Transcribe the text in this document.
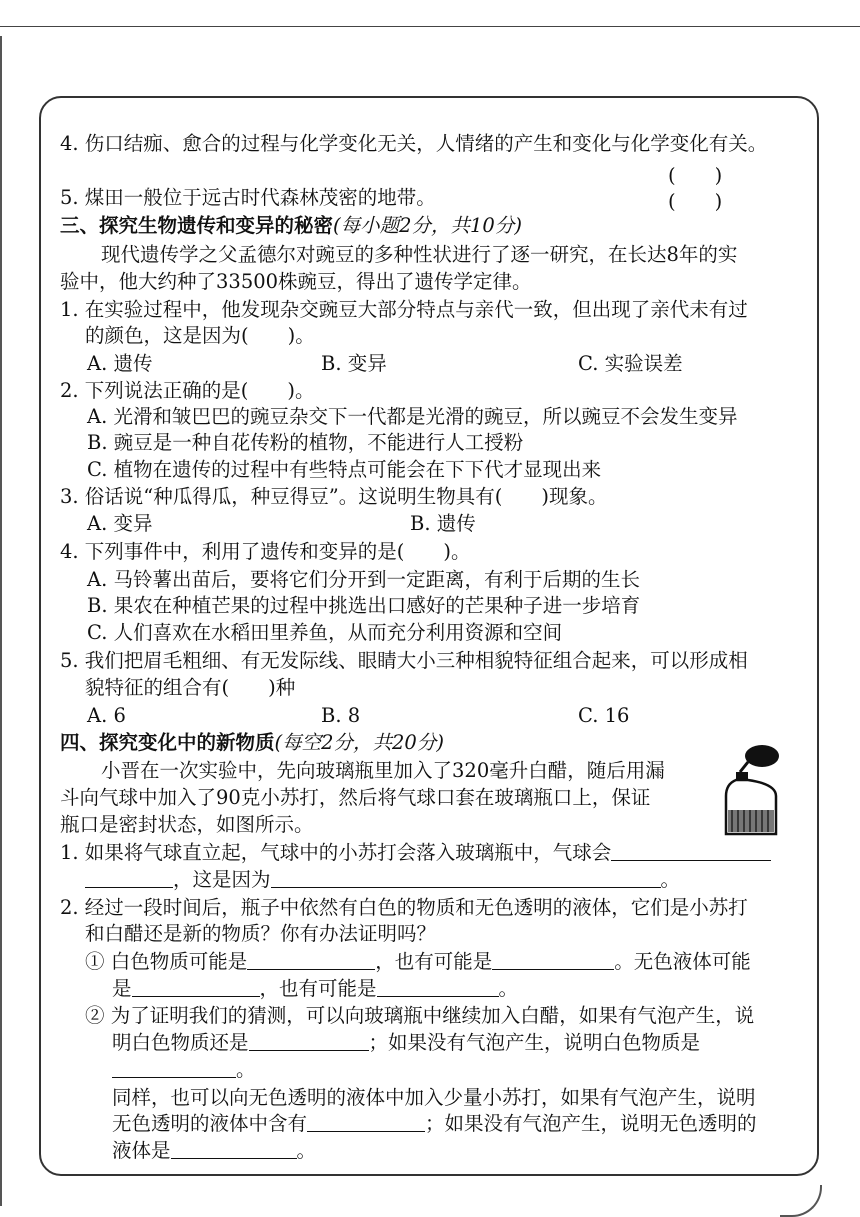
4. 伤口结痂、愈合的过程与化学变化无关，人情绪的产生和变化与化学变化有关。
(　　)
5. 煤田一般位于远古时代森林茂密的地带。	(　　)
三、探究生物遗传和变异的秘密(每小题2分，共10分)
现代遗传学之父孟德尔对豌豆的多种性状进行了逐一研究，在长达8年的实
验中，他大约种了33500株豌豆，得出了遗传学定律。
1. 在实验过程中，他发现杂交豌豆大部分特点与亲代一致，但出现了亲代未有过
的颜色，这是因为(　　)。
A. 遗传	B. 变异	C. 实验误差
2. 下列说法正确的是(　　)。
A. 光滑和皱巴巴的豌豆杂交下一代都是光滑的豌豆，所以豌豆不会发生变异
B. 豌豆是一种自花传粉的植物，不能进行人工授粉
C. 植物在遗传的过程中有些特点可能会在下下代才显现出来
3. 俗话说“种瓜得瓜，种豆得豆”。这说明生物具有(　　)现象。
A. 变异	B. 遗传
4. 下列事件中，利用了遗传和变异的是(　　)。
A. 马铃薯出苗后，要将它们分开到一定距离，有利于后期的生长
B. 果农在种植芒果的过程中挑选出口感好的芒果种子进一步培育
C. 人们喜欢在水稻田里养鱼，从而充分利用资源和空间
5. 我们把眉毛粗细、有无发际线、眼睛大小三种相貌特征组合起来，可以形成相
貌特征的组合有(　　)种
A. 6	B. 8	C. 16
四、探究变化中的新物质(每空2分，共20分)
小晋在一次实验中，先向玻璃瓶里加入了320毫升白醋，随后用漏
斗向气球中加入了90克小苏打，然后将气球口套在玻璃瓶口上，保证
瓶口是密封状态，如图所示。
1. 如果将气球直立起，气球中的小苏打会落入玻璃瓶中，气球会
，这是因为	。
2. 经过一段时间后，瓶子中依然有白色的物质和无色透明的液体，它们是小苏打
和白醋还是新的物质？你有办法证明吗？
① 白色物质可能是	，也有可能是	。无色液体可能
是	，也有可能是	。
② 为了证明我们的猜测，可以向玻璃瓶中继续加入白醋，如果有气泡产生，说
明白色物质还是	；如果没有气泡产生，说明白色物质是
。
同样，也可以向无色透明的液体中加入少量小苏打，如果有气泡产生，说明
无色透明的液体中含有	；如果没有气泡产生，说明无色透明的
液体是	。
